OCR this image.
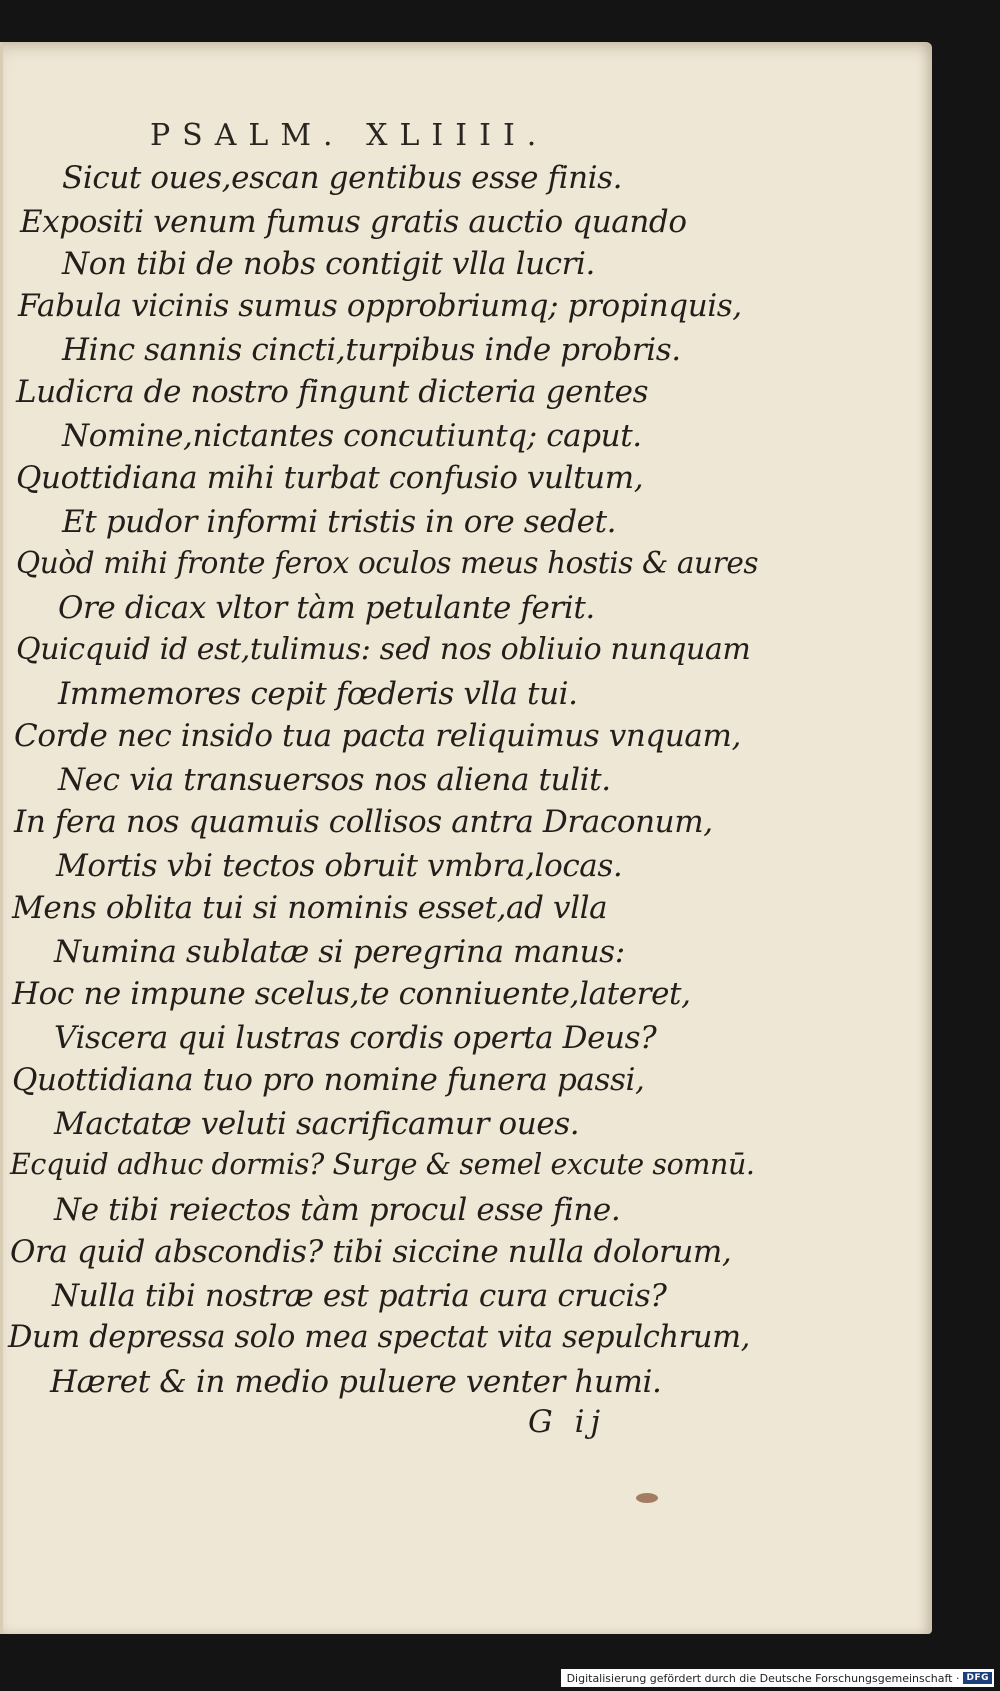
PSALM. XLIIII.
Sicut oues,escan gentibus esse finis.
Expositi venum fumus gratis auctio quando
Non tibi de nobs contigit vlla lucri.
Fabula vicinis sumus opprobriumq; propinquis,
Hinc sannis cincti,turpibus inde probris.
Ludicra de nostro fingunt dicteria gentes
Nomine,nictantes concutiuntq; caput.
Quottidiana mihi turbat confusio vultum,
Et pudor informi tristis in ore sedet.
Quòd mihi fronte ferox oculos meus hostis & aures
Ore dicax vltor tàm petulante ferit.
Quicquid id est,tulimus: sed nos obliuio nunquam
Immemores cepit fœderis vlla tui.
Corde nec insido tua pacta reliquimus vnquam,
Nec via transuersos nos aliena tulit.
In fera nos quamuis collisos antra Draconum,
Mortis vbi tectos obruit vmbra,locas.
Mens oblita tui si nominis esset,ad vlla
Numina sublatæ si peregrina manus:
Hoc ne impune scelus,te conniuente,lateret,
Viscera qui lustras cordis operta Deus?
Quottidiana tuo pro nomine funera passi,
Mactatæ veluti sacrificamur oues.
Ecquid adhuc dormis? Surge & semel excute somnū.
Ne tibi reiectos tàm procul esse fine.
Ora quid abscondis? tibi siccine nulla dolorum,
Nulla tibi nostræ est patria cura crucis?
Dum depressa solo mea spectat vita sepulchrum,
Hæret & in medio puluere venter humi.
G ij
Digitalisierung gefördert durch die Deutsche Forschungsgemeinschaft · DFG
